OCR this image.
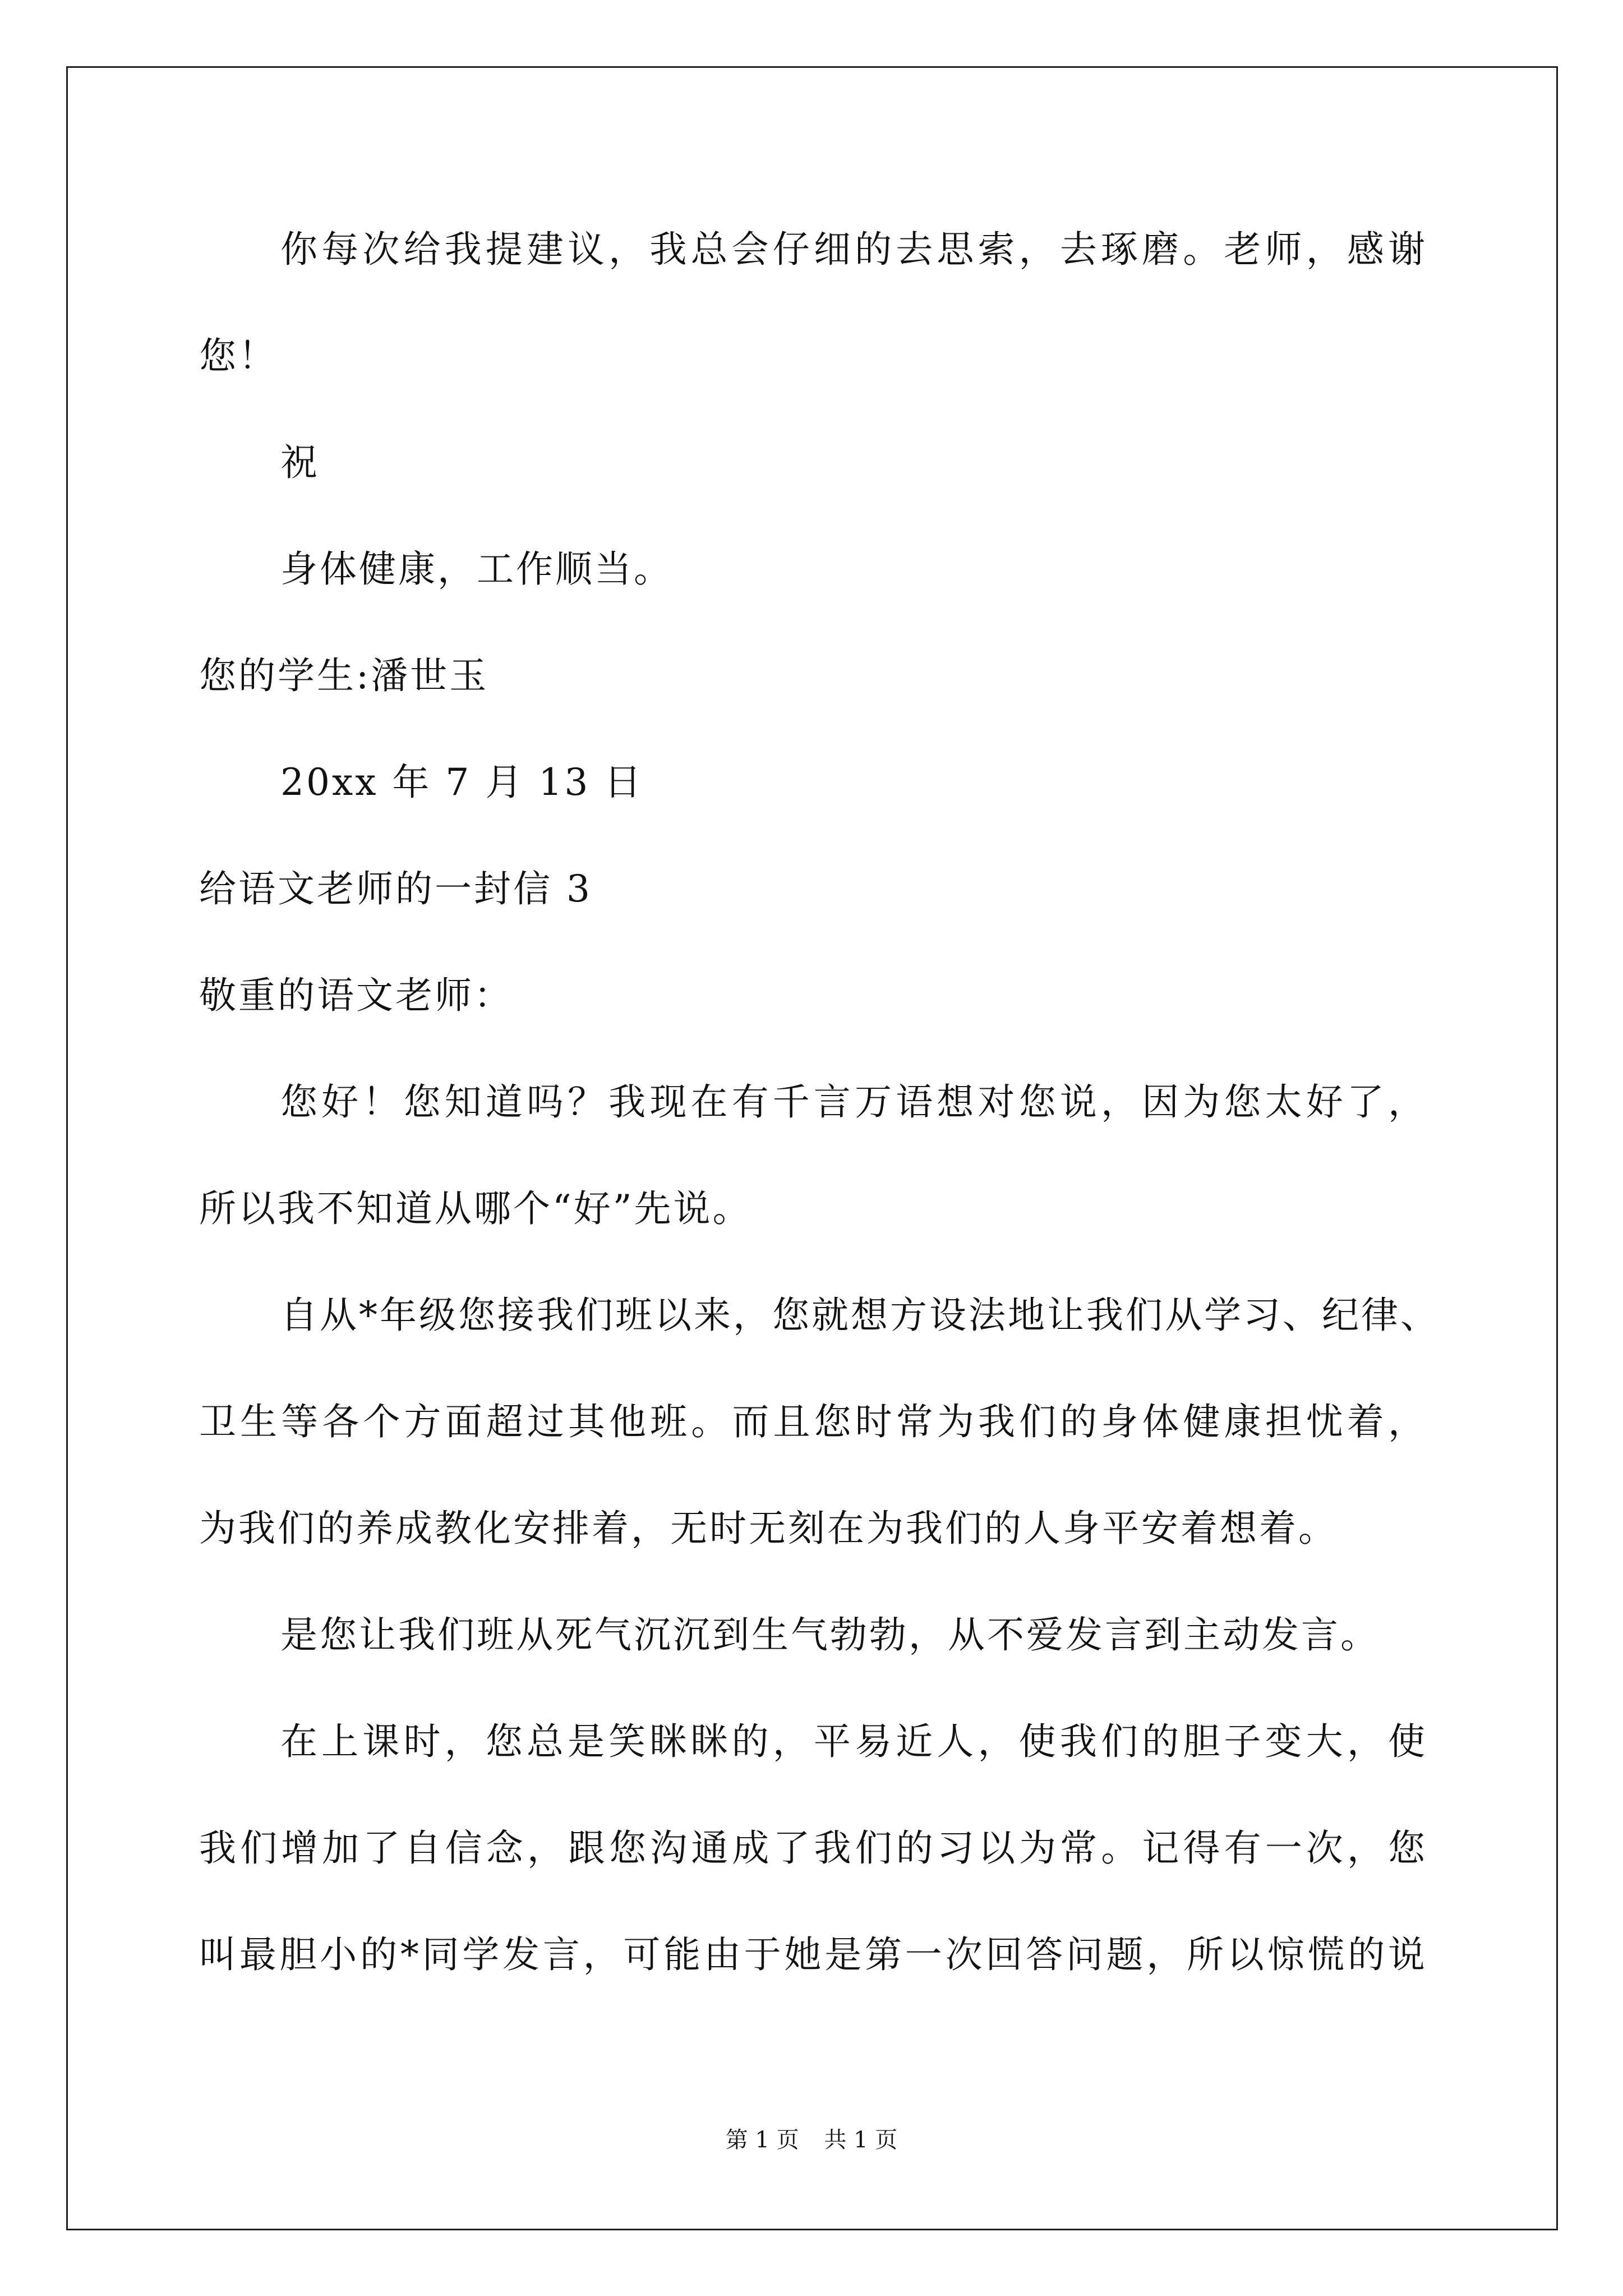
你每次给我提建议，我总会仔细的去思索，去琢磨。老师，感谢
您！
祝
身体健康，工作顺当。
您的学生:潘世玉
20xx 年 7 月 13 日
给语文老师的一封信 3
敬重的语文老师：
您好！您知道吗？我现在有千言万语想对您说，因为您太好了，
所以我不知道从哪个“好”先说。
自从*年级您接我们班以来，您就想方设法地让我们从学习、纪律、
卫生等各个方面超过其他班。而且您时常为我们的身体健康担忧着，
为我们的养成教化安排着，无时无刻在为我们的人身平安着想着。
是您让我们班从死气沉沉到生气勃勃，从不爱发言到主动发言。
在上课时，您总是笑眯眯的，平易近人，使我们的胆子变大，使
我们增加了自信念，跟您沟通成了我们的习以为常。记得有一次，您
叫最胆小的*同学发言，可能由于她是第一次回答问题，所以惊慌的说
第 1 页 共 1 页
